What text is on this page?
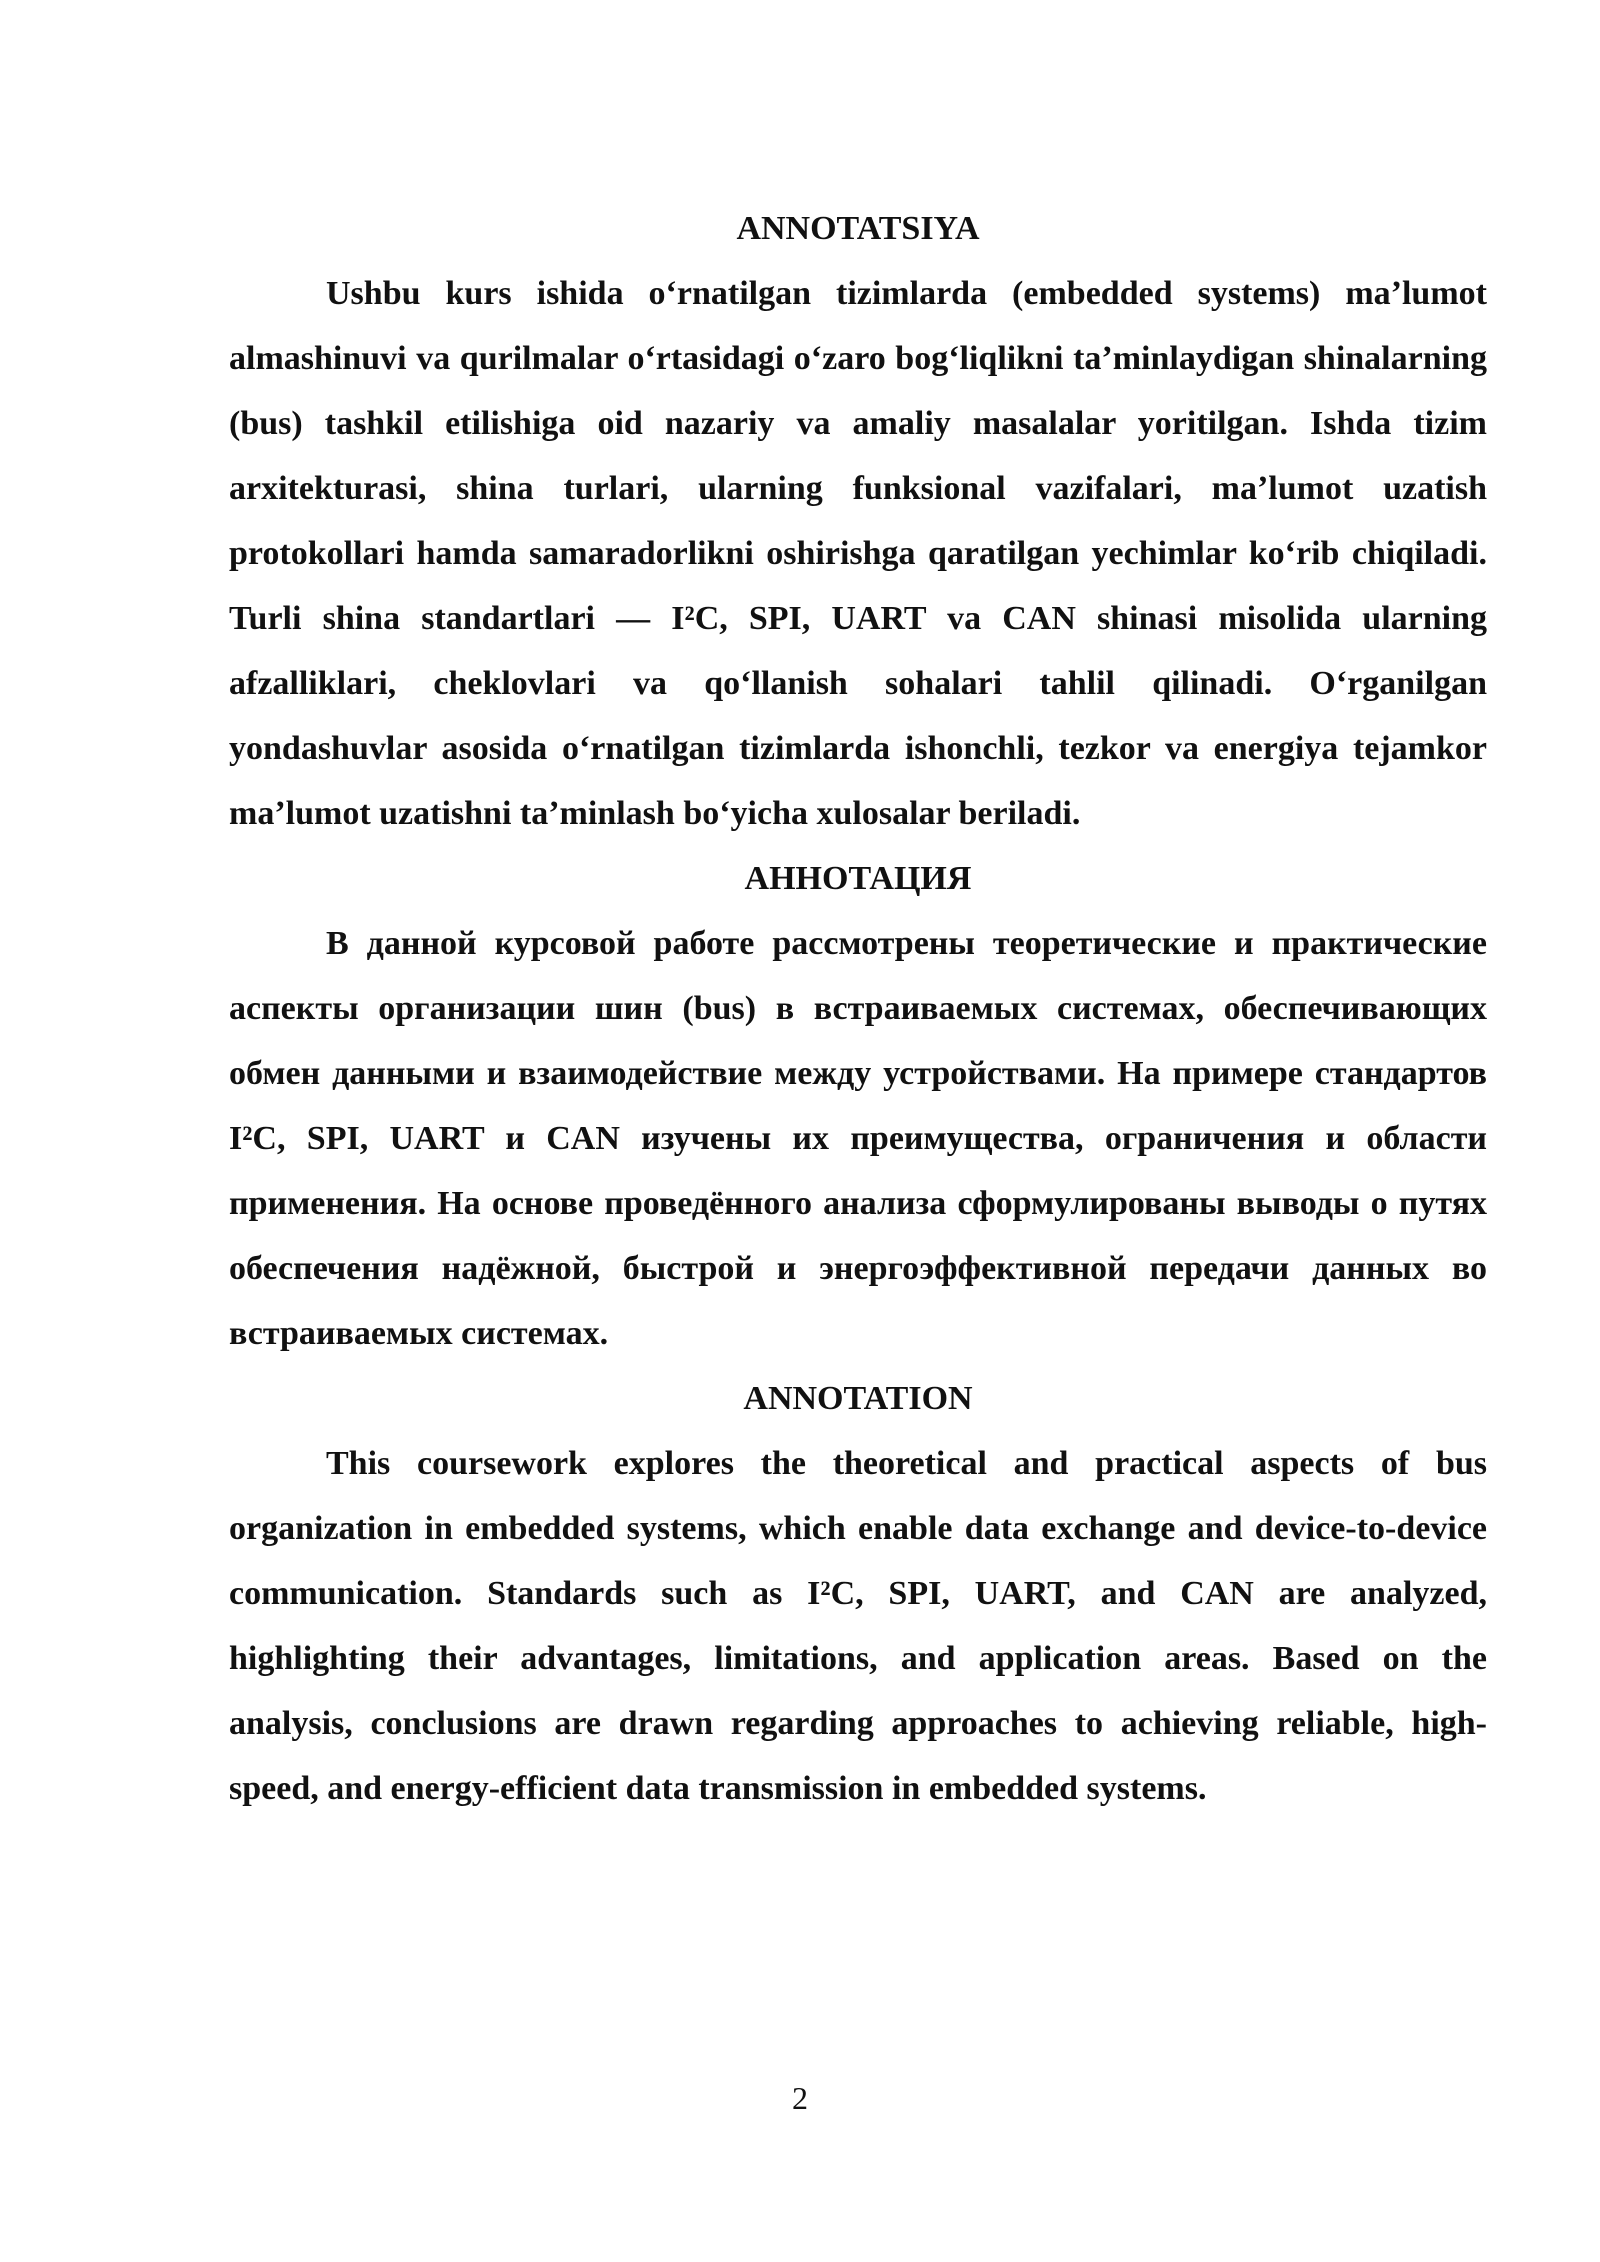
ANNOTATSIYA

Ushbu kurs ishida oʻrnatilgan tizimlarda (embedded systems) maʼlumot almashinuvi va qurilmalar oʻrtasidagi oʻzaro bogʻliqlikni taʼminlaydigan shinalarning (bus) tashkil etilishiga oid nazariy va amaliy masalalar yoritilgan. Ishda tizim arxitekturasi, shina turlari, ularning funksional vazifalari, maʼlumot uzatish protokollari hamda samaradorlikni oshirishga qaratilgan yechimlar koʻrib chiqiladi. Turli shina standartlari — I²C, SPI, UART va CAN shinasi misolida ularning afzalliklari, cheklovlari va qoʻllanish sohalari tahlil qilinadi. Oʻrganilgan yondashuvlar asosida oʻrnatilgan tizimlarda ishonchli, tezkor va energiya tejamkor maʼlumot uzatishni taʼminlash boʻyicha xulosalar beriladi.

АННОТАЦИЯ

В данной курсовой работе рассмотрены теоретические и практические аспекты организации шин (bus) в встраиваемых системах, обеспечивающих обмен данными и взаимодействие между устройствами. На примере стандартов I²C, SPI, UART и CAN изучены их преимущества, ограничения и области применения. На основе проведённого анализа сформулированы выводы о путях обеспечения надёжной, быстрой и энергоэффективной передачи данных во встраиваемых системах.

ANNOTATION

This coursework explores the theoretical and practical aspects of bus organization in embedded systems, which enable data exchange and device-to-device communication. Standards such as I²C, SPI, UART, and CAN are analyzed, highlighting their advantages, limitations, and application areas. Based on the analysis, conclusions are drawn regarding approaches to achieving reliable, high-speed, and energy-efficient data transmission in embedded systems.

2
